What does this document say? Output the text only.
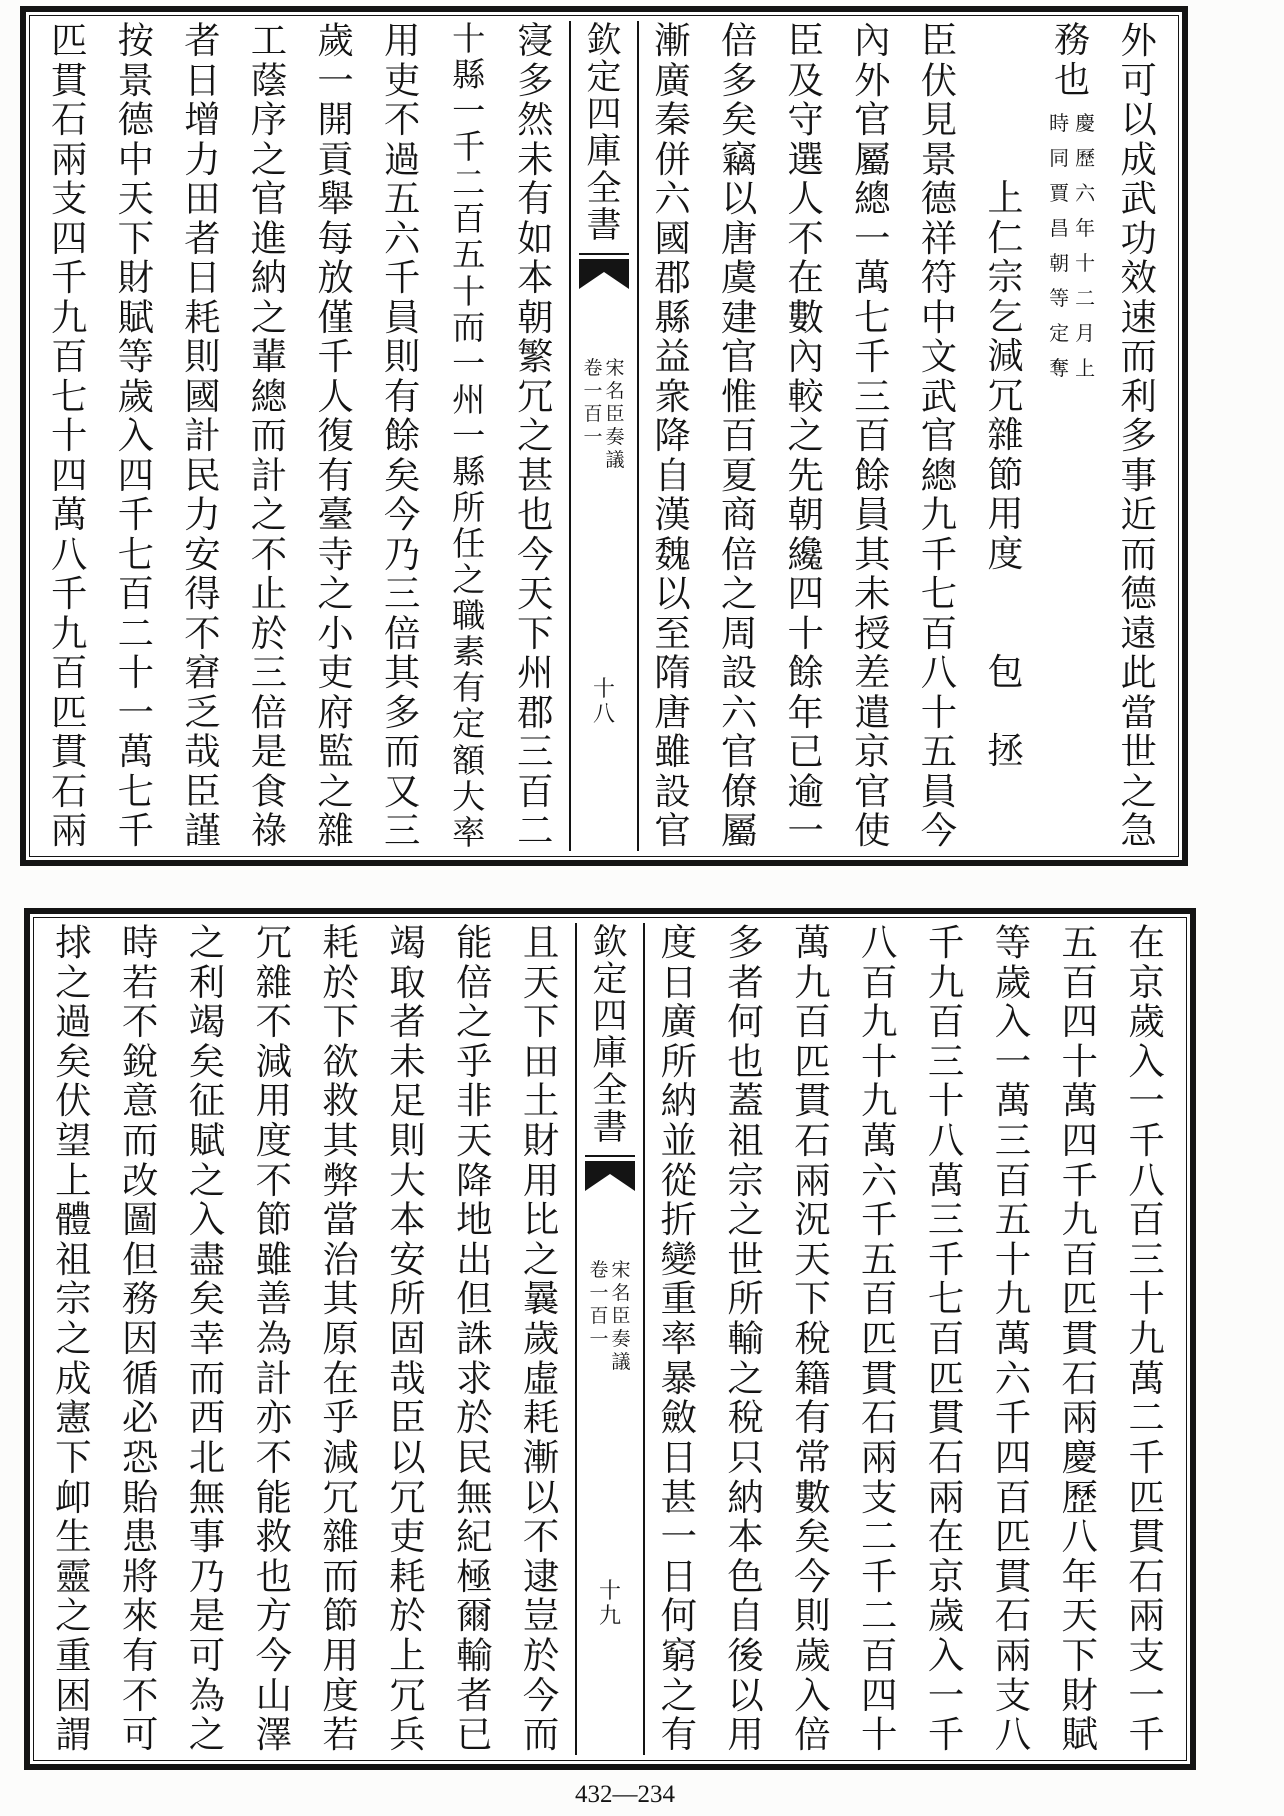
外
可
以
成
武
功
效
速
而
利
多
事
近
而
德
遠
此
當
世
之
急
務
也
慶
歷
六
年
十
二
月
上
時
同
賈
昌
朝
等
定
奪
上
仁
宗
乞
減
冗
雜
節
用
度
包
拯
臣
伏
見
景
德
祥
符
中
文
武
官
總
九
千
七
百
八
十
五
員
今
內
外
官
屬
總
一
萬
七
千
三
百
餘
員
其
未
授
差
遣
京
官
使
臣
及
守
選
人
不
在
數
內
較
之
先
朝
纔
四
十
餘
年
已
逾
一
倍
多
矣
竊
以
唐
虞
建
官
惟
百
夏
商
倍
之
周
設
六
官
僚
屬
漸
廣
秦
併
六
國
郡
縣
益
衆
降
自
漢
魏
以
至
隋
唐
雖
設
官
欽
定
四
庫
全
書
宋
名
臣
奏
議
卷
一
百
一
十
八
寖
多
然
未
有
如
本
朝
繁
冗
之
甚
也
今
天
下
州
郡
三
百
二
十
縣
一
千
二
百
五
十
而
一
州
一
縣
所
任
之
職
素
有
定
額
大
率
用
吏
不
過
五
六
千
員
則
有
餘
矣
今
乃
三
倍
其
多
而
又
三
歲
一
開
貢
舉
每
放
僅
千
人
復
有
臺
寺
之
小
吏
府
監
之
雜
工
蔭
序
之
官
進
納
之
輩
總
而
計
之
不
止
於
三
倍
是
食
祿
者
日
增
力
田
者
日
耗
則
國
計
民
力
安
得
不
窘
乏
哉
臣
謹
按
景
德
中
天
下
財
賦
等
歲
入
四
千
七
百
二
十
一
萬
七
千
匹
貫
石
兩
支
四
千
九
百
七
十
四
萬
八
千
九
百
匹
貫
石
兩
在
京
歲
入
一
千
八
百
三
十
九
萬
二
千
匹
貫
石
兩
支
一
千
五
百
四
十
萬
四
千
九
百
匹
貫
石
兩
慶
歷
八
年
天
下
財
賦
等
歲
入
一
萬
三
百
五
十
九
萬
六
千
四
百
匹
貫
石
兩
支
八
千
九
百
三
十
八
萬
三
千
七
百
匹
貫
石
兩
在
京
歲
入
一
千
八
百
九
十
九
萬
六
千
五
百
匹
貫
石
兩
支
二
千
二
百
四
十
萬
九
百
匹
貫
石
兩
況
天
下
稅
籍
有
常
數
矣
今
則
歲
入
倍
多
者
何
也
蓋
祖
宗
之
世
所
輸
之
稅
只
納
本
色
自
後
以
用
度
日
廣
所
納
並
從
折
變
重
率
暴
斂
日
甚
一
日
何
窮
之
有
欽
定
四
庫
全
書
宋
名
臣
奏
議
卷
一
百
一
十
九
且
天
下
田
土
財
用
比
之
曩
歲
虛
耗
漸
以
不
逮
豈
於
今
而
能
倍
之
乎
非
天
降
地
出
但
誅
求
於
民
無
紀
極
爾
輸
者
已
竭
取
者
未
足
則
大
本
安
所
固
哉
臣
以
冗
吏
耗
於
上
冗
兵
耗
於
下
欲
救
其
弊
當
治
其
原
在
乎
減
冗
雜
而
節
用
度
若
冗
雜
不
減
用
度
不
節
雖
善
為
計
亦
不
能
救
也
方
今
山
澤
之
利
竭
矣
征
賦
之
入
盡
矣
幸
而
西
北
無
事
乃
是
可
為
之
時
若
不
銳
意
而
改
圖
但
務
因
循
必
恐
貽
患
將
來
有
不
可
捄
之
過
矣
伏
望
上
體
祖
宗
之
成
憲
下
卹
生
靈
之
重
困
謂
432—234
